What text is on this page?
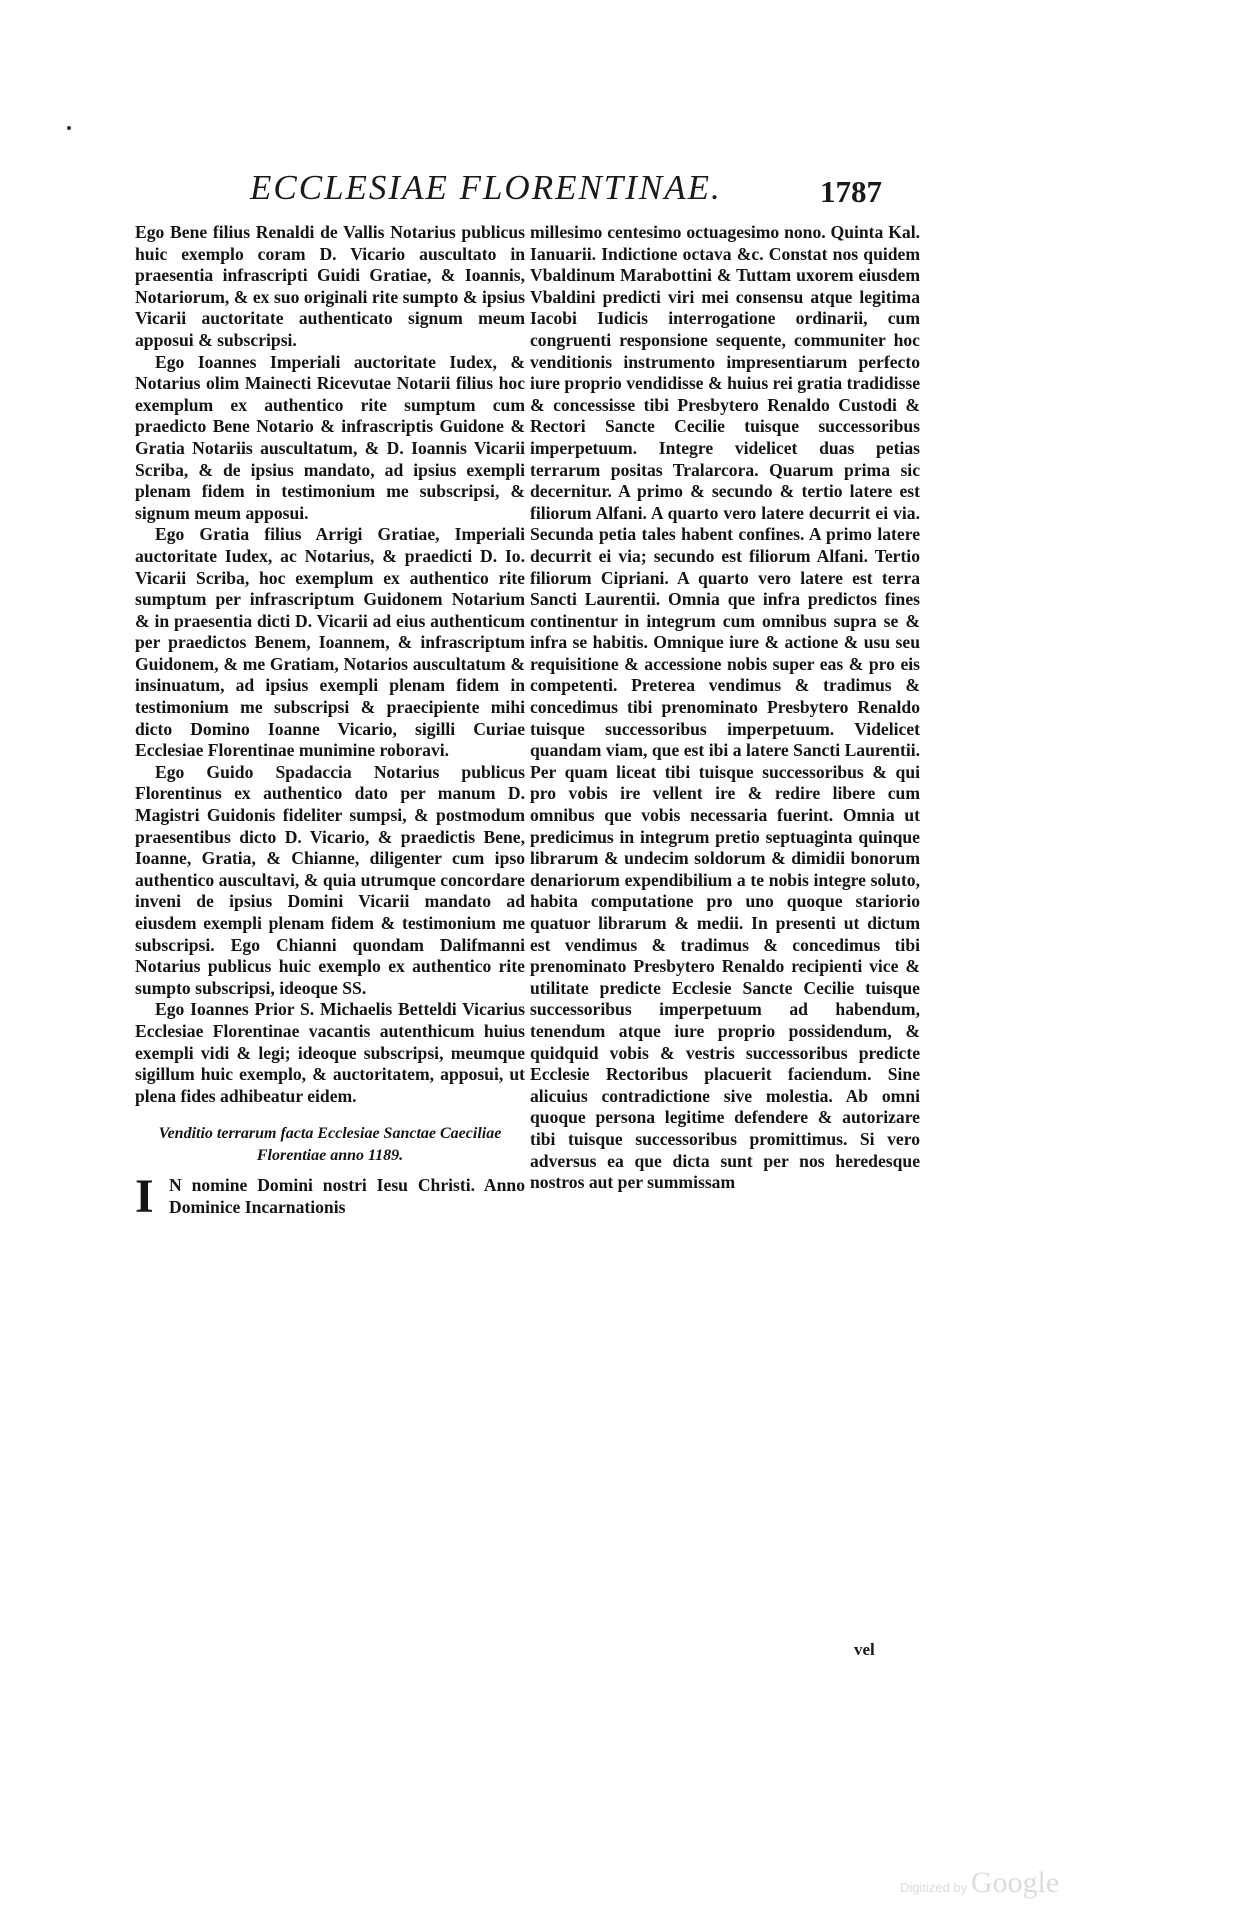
ECCLESIAE FLORENTINAE.	1787

Ego Bene filius Renaldi de Vallis Notarius publicus huic exemplo coram D. Vicario auscultato in praesentia infrascripti Guidi Gratiae, & Ioannis, Notariorum, & ex suo originali rite sumpto & ipsius Vicarii auctoritate authenticato signum meum apposui & subscripsi.

Ego Ioannes Imperiali auctoritate Iudex, & Notarius olim Mainecti Ricevutae Notarii filius hoc exemplum ex authentico rite sumptum cum praedicto Bene Notario & infrascriptis Guidone & Gratia Notariis auscultatum, & D. Ioannis Vicarii Scriba, & de ipsius mandato, ad ipsius exempli plenam fidem in testimonium me subscripsi, & signum meum apposui.

Ego Gratia filius Arrigi Gratiae, Imperiali auctoritate Iudex, ac Notarius, & praedicti D. Io. Vicarii Scriba, hoc exemplum ex authentico rite sumptum per infrascriptum Guidonem Notarium & in praesentia dicti D. Vicarii ad eius authenticum per praedictos Benem, Ioannem, & infrascriptum Guidonem, & me Gratiam, Notarios auscultatum & insinuatum, ad ipsius exempli plenam fidem in testimonium me subscripsi & praecipiente mihi dicto Domino Ioanne Vicario, sigilli Curiae Ecclesiae Florentinae munimine roboravi.

Ego Guido Spadaccia Notarius publicus Florentinus ex authentico dato per manum D. Magistri Guidonis fideliter sumpsi, & postmodum praesentibus dicto D. Vicario, & praedictis Bene, Ioanne, Gratia, & Chianne, diligenter cum ipso authentico auscultavi, & quia utrumque concordare inveni de ipsius Domini Vicarii mandato ad eiusdem exempli plenam fidem & testimonium me subscripsi. Ego Chianni quondam Dalifmanni Notarius publicus huic exemplo ex authentico rite sumpto subscripsi, ideoque SS.

Ego Ioannes Prior S. Michaelis Betteldi Vicarius Ecclesiae Florentinae vacantis autenthicum huius exempli vidi & legi; ideoque subscripsi, meumque sigillum huic exemplo, & auctoritatem, apposui, ut plena fides adhibeatur eidem.

Venditio terrarum facta Ecclesiae Sanctae Caeciliae Florentiae anno 1189.
I N nomine Domini nostri Iesu Christi. Anno Dominice Incarnationis

millesimo centesimo octuagesimo nono. Quinta Kal. Ianuarii. Indictione octava &c. Constat nos quidem Vbaldinum Marabottini & Tuttam uxorem eiusdem Vbaldini predicti viri mei consensu atque legitima Iacobi Iudicis interrogatione ordinarii, cum congruenti responsione sequente, communiter hoc venditionis instrumento impresentiarum perfecto iure proprio vendidisse & huius rei gratia tradidisse & concessisse tibi Presbytero Renaldo Custodi & Rectori Sancte Cecilie tuisque successoribus imperpetuum. Integre videlicet duas petias terrarum positas Tralarcora. Quarum prima sic decernitur. A primo & secundo & tertio latere est filiorum Alfani. A quarto vero latere decurrit ei via. Secunda petia tales habent confines. A primo latere decurrit ei via; secundo est filiorum Alfani. Tertio filiorum Cipriani. A quarto vero latere est terra Sancti Laurentii. Omnia que infra predictos fines continentur in integrum cum omnibus supra se & infra se habitis. Omnique iure & actione & usu seu requisitione & accessione nobis super eas & pro eis competenti. Preterea vendimus & tradimus & concedimus tibi prenominato Presbytero Renaldo tuisque successoribus imperpetuum. Videlicet quandam viam, que est ibi a latere Sancti Laurentii. Per quam liceat tibi tuisque successoribus & qui pro vobis ire vellent ire & redire libere cum omnibus que vobis necessaria fuerint. Omnia ut predicimus in integrum pretio septuaginta quinque librarum & undecim soldorum & dimidii bonorum denariorum expendibilium a te nobis integre soluto, habita computatione pro uno quoque stariorio quatuor librarum & medii. In presenti ut dictum est vendimus & tradimus & concedimus tibi prenominato Presbytero Renaldo recipienti vice & utilitate predicte Ecclesie Sancte Cecilie tuisque successoribus imperpetuum ad habendum, tenendum atque iure proprio possidendum, & quidquid vobis & vestris successoribus predicte Ecclesie Rectoribus placuerit faciendum. Sine alicuius contradictione sive molestia. Ab omni quoque persona legitime defendere & autorizare tibi tuisque successoribus promittimus. Si vero adversus ea que dicta sunt per nos heredesque nostros aut per summissam

vel
Digitized by Google
